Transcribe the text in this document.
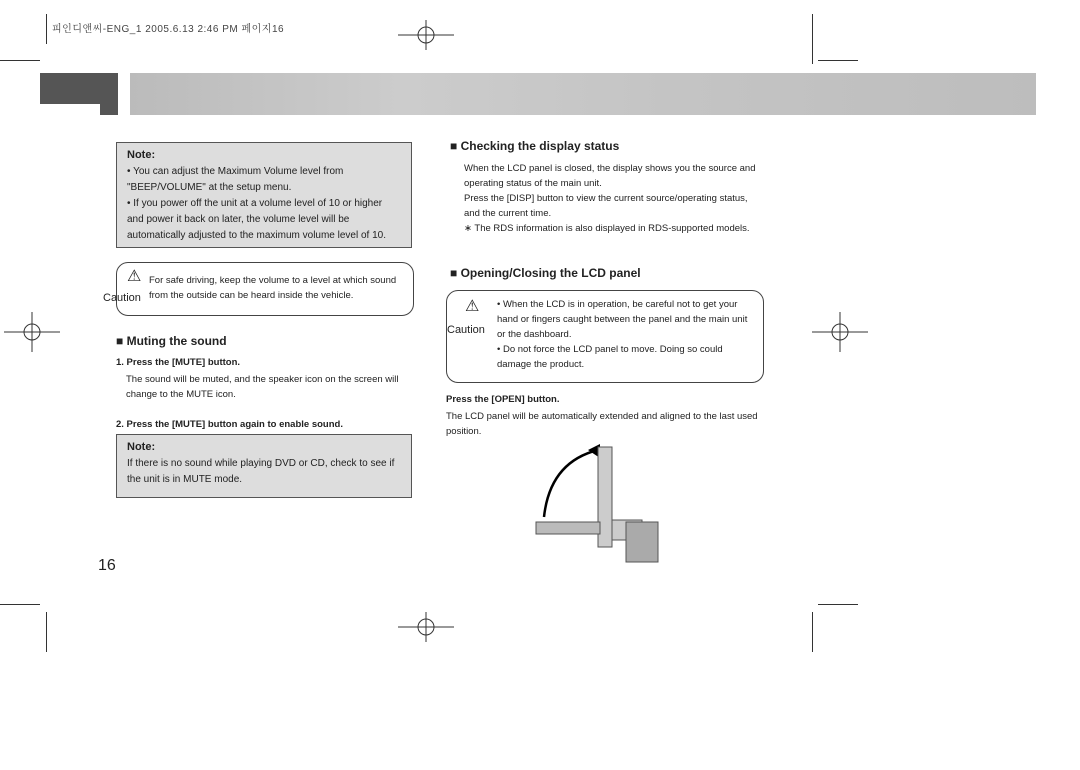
피인디앤씨-ENG_1 2005.6.13 2:46 PM 페이지16
Note:
• You can adjust the Maximum Volume level from "BEEP/VOLUME" at the setup menu.
• If you power off the unit at a volume level of 10 or higher and power it back on later, the volume level will be automatically adjusted to the maximum volume level of 10.
⚠
Caution
For safe driving, keep the volume to a level at which sound from the outside can be heard inside the vehicle.
■ Muting the sound
1. Press the [MUTE] button.
The sound will be muted, and the speaker icon on the screen will change to the MUTE icon.
2. Press the [MUTE] button again to enable sound.
Note:
If there is no sound while playing DVD or CD, check to see if the unit is in MUTE mode.
16
■ Checking the display status
When the LCD panel is closed, the display shows you the source and operating status of the main unit.
Press the [DISP] button to view the current source/operating status, and the current time.
∗ The RDS information is also displayed in RDS-supported models.
■ Opening/Closing the LCD panel
⚠
Caution
• When the LCD is in operation, be careful not to get your hand or fingers caught between the panel and the main unit or the dashboard.
• Do not force the LCD panel to move. Doing so could damage the product.
Press the [OPEN] button.
The LCD panel will be automatically extended and aligned to the last used position.
